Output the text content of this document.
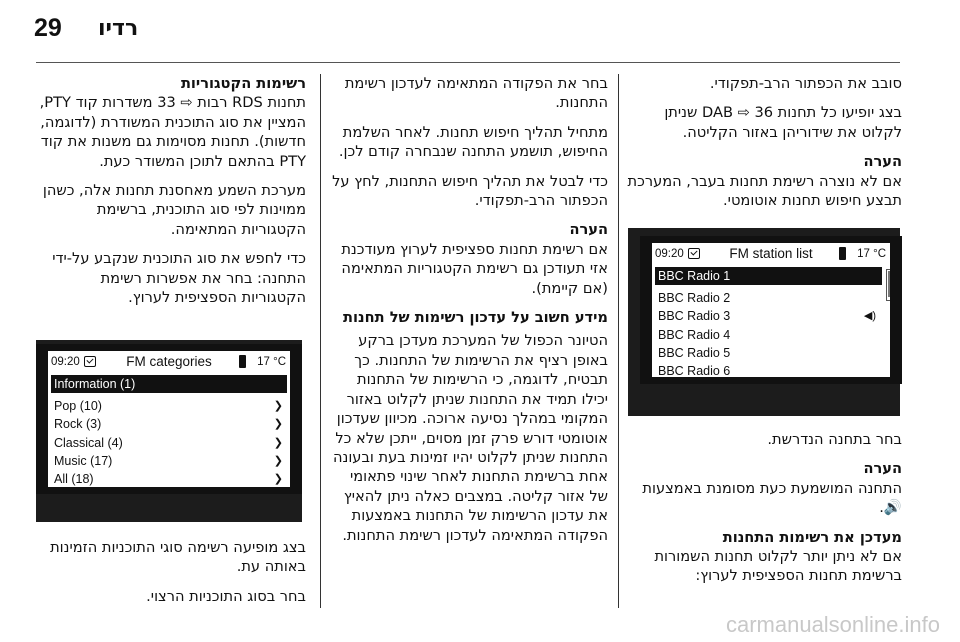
29 רדיו

סובב את הכפתור הרב-תפקודי.

בצג יופיעו כל תחנות DAB ⇨ 36 שניתן לקלוט את שידוריהן באזור הקליטה.

הערה

אם לא נוצרה רשימת תחנות בעבר, המערכת תבצע חיפוש תחנות אוטומטי.

בחר בתחנה הנדרשת.

הערה

התחנה המושמעת כעת מסומנת באמצעות 🔊.

מעדכן את רשימות התחנות

אם לא ניתן יותר לקלוט תחנות השמורות ברשימת תחנות הספציפית לערוץ:

09:20	FM station list	17 °C
BBC Radio 1
BBC Radio 2
BBC Radio 3	◀)
BBC Radio 4
BBC Radio 5
BBC Radio 6

בחר את הפקודה המתאימה לעדכון רשימת התחנות.

מתחיל תהליך חיפוש תחנות. לאחר השלמת החיפוש, תושמע התחנה שנבחרה קודם לכן.

כדי לבטל את תהליך חיפוש התחנות, לחץ על הכפתור הרב-תפקודי.

הערה

אם רשימת תחנות ספציפית לערוץ מעודכנת אזי תעודכן גם רשימת הקטגוריות המתאימה (אם קיימת).

מידע חשוב על עדכון רשימות של תחנות

הטיונר הכפול של המערכת מעדכן ברקע באופן רציף את הרשימות של התחנות. כך תבטיח, לדוגמה, כי הרשימות של התחנות יכילו תמיד את התחנות שניתן לקלוט באזור המקומי במהלך נסיעה ארוכה. מכיוון שעדכון אוטומטי דורש פרק זמן מסוים, ייתכן שלא כל התחנות שניתן לקלוט יהיו זמינות בעת ובעונה אחת ברשימת התחנות לאחר שינוי פתאומי של אזור קליטה. במצבים כאלה ניתן להאיץ את עדכון הרשימות של התחנות באמצעות הפקודה המתאימה לעדכון רשימת התחנות.

רשימות הקטגוריות

תחנות RDS רבות ⇨ 33 משדרות קוד PTY, המציין את סוג התוכנית המשודרת (לדוגמה, חדשות). תחנות מסוימות גם משנות את קוד PTY בהתאם לתוכן המשודר כעת.

מערכת השמע מאחסנת תחנות אלה, כשהן ממוינות לפי סוג התוכנית, ברשימת הקטגוריות המתאימה.

כדי לחפש את סוג התוכנית שנקבע על-ידי התחנה: בחר את אפשרות רשימת הקטגוריות הספציפית לערוץ.

09:20	FM categories	17 °C
Information (1)
Pop (10)	❯
Rock (3)	❯
Classical (4)	❯
Music (17)	❯
All (18)	❯

בצג מופיעה רשימה סוגי התוכניות הזמינות באותה עת.

בחר בסוג התוכניות הרצוי.

carmanualsonline.info
